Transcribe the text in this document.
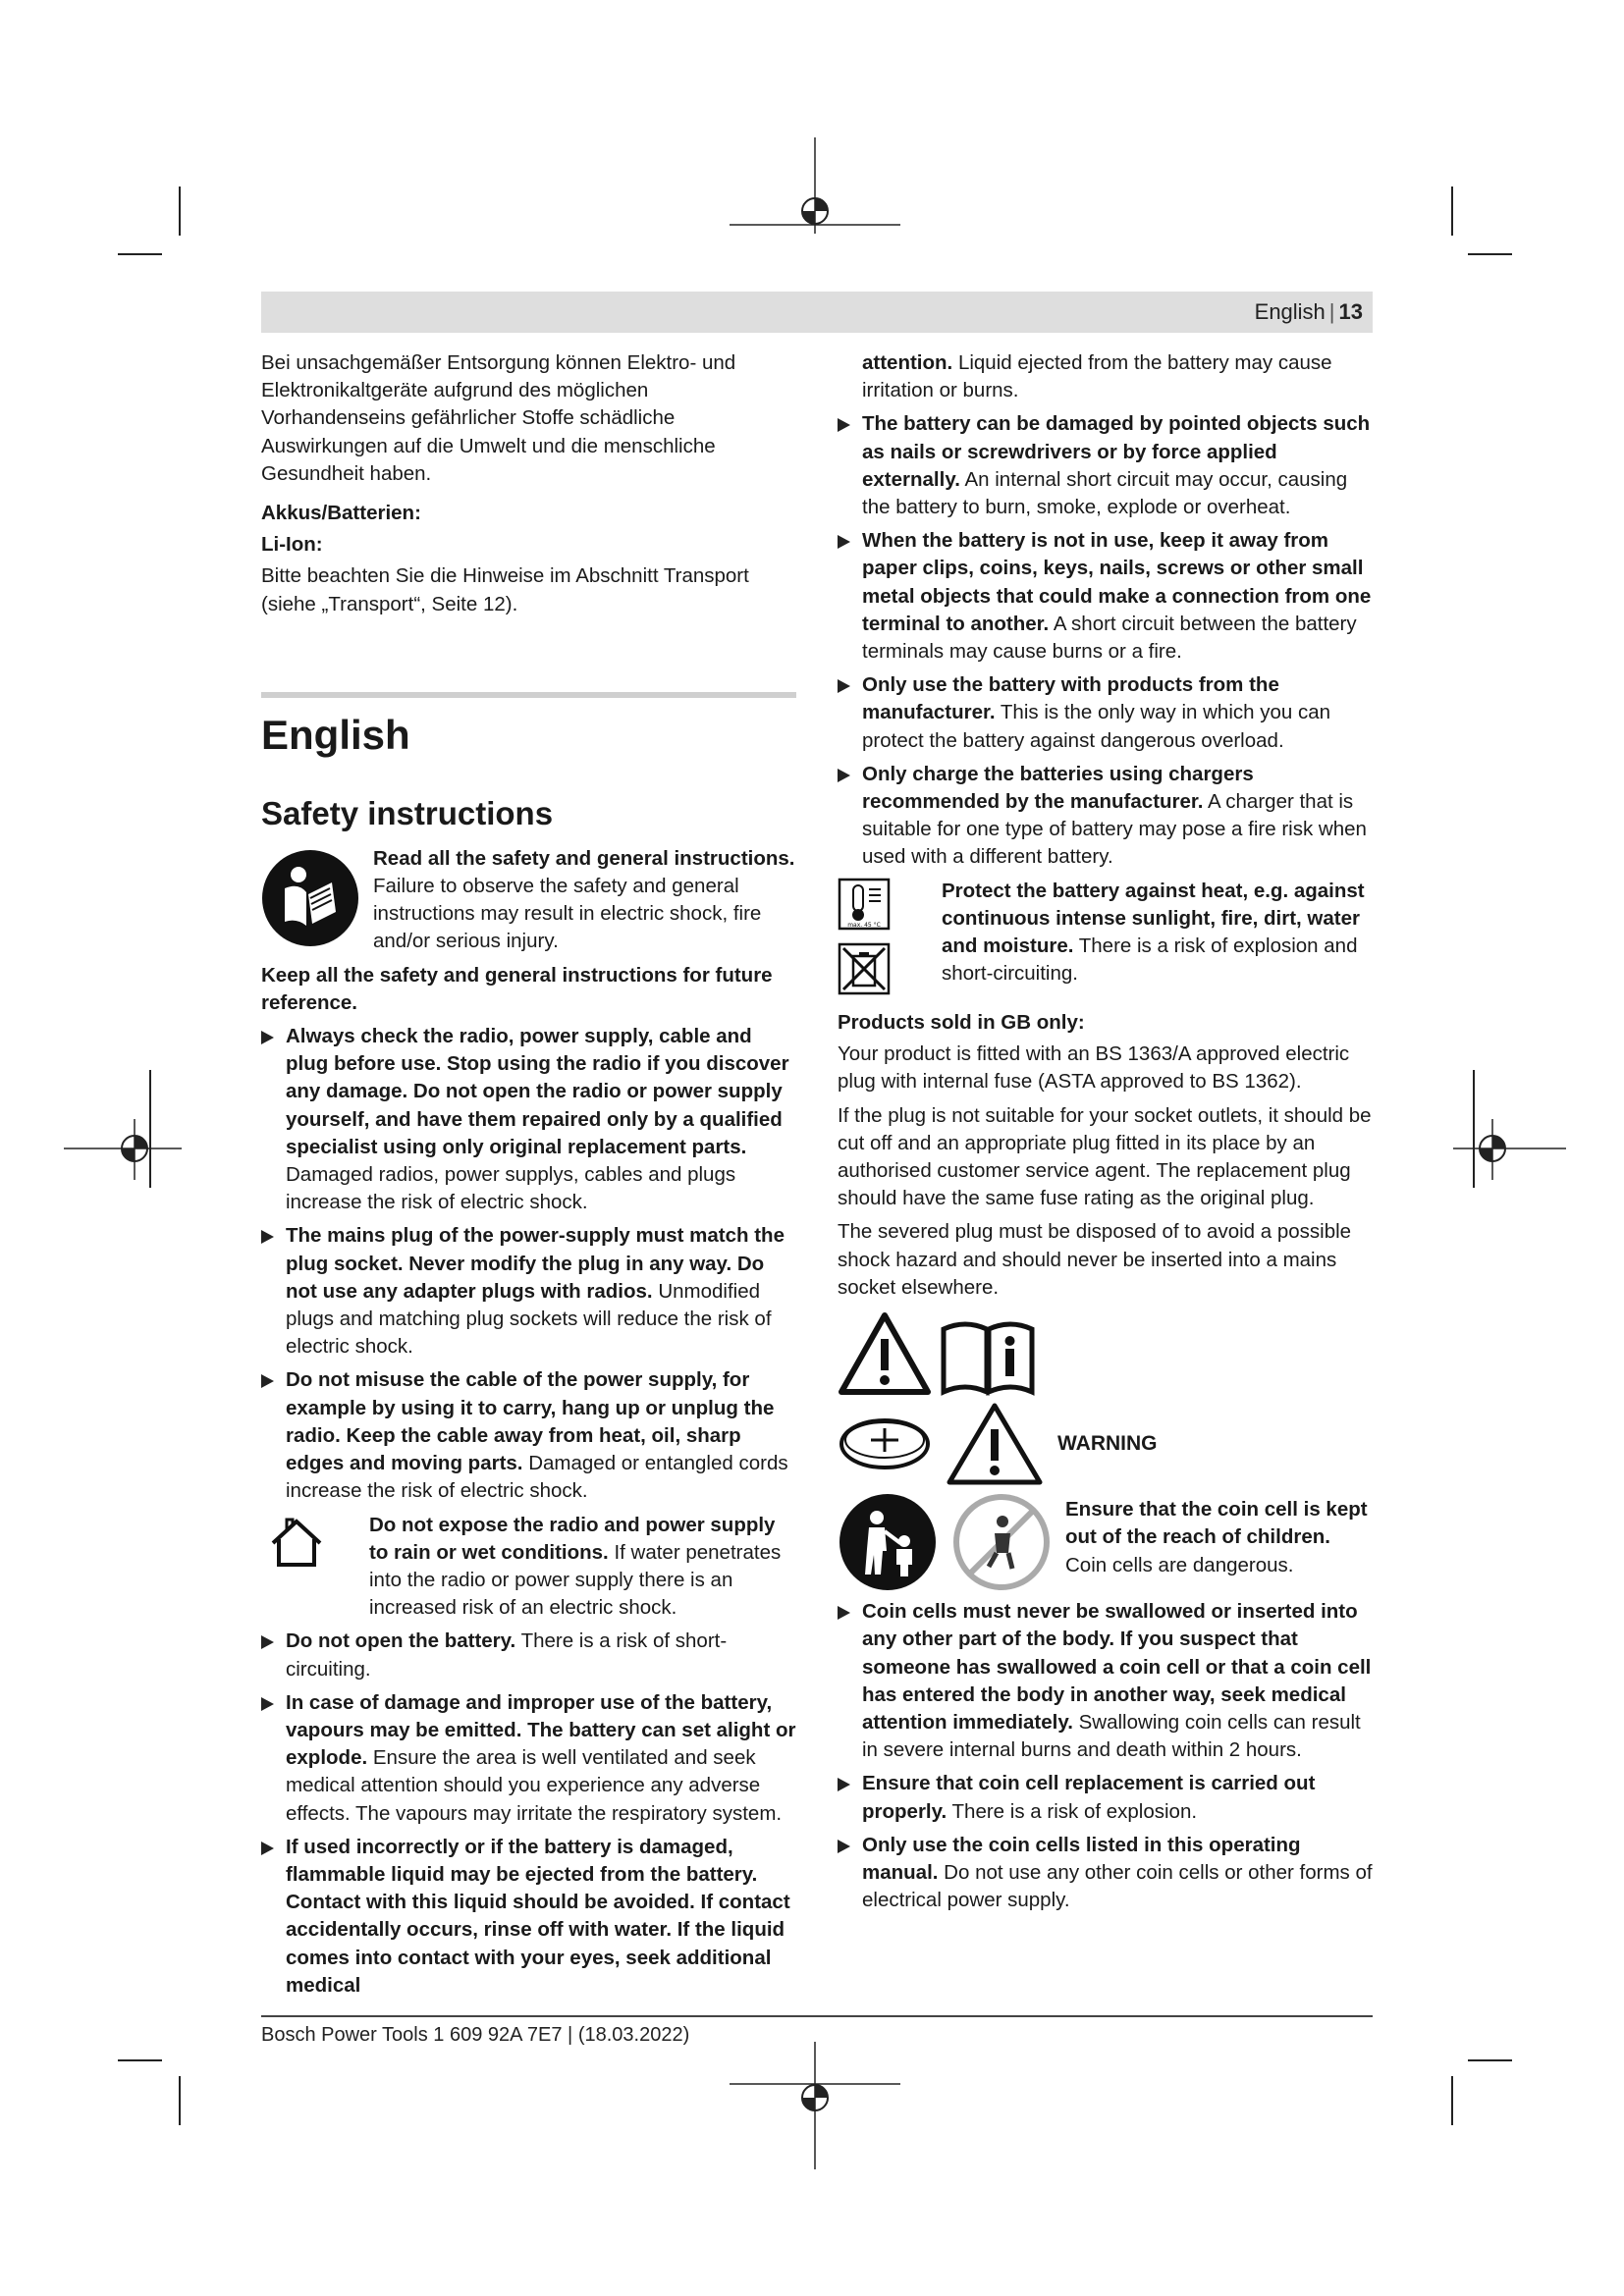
English | 13

Bei unsachgemäßer Entsorgung können Elektro- und Elektronikaltgeräte aufgrund des möglichen Vorhandenseins gefährlicher Stoffe schädliche Auswirkungen auf die Umwelt und die menschliche Gesundheit haben.

Akkus/Batterien:
Li-Ion:

Bitte beachten Sie die Hinweise im Abschnitt Transport (siehe „Transport“, Seite 12).

English
Safety instructions
Read all the safety and general instructions. Failure to observe the safety and general instructions may result in electric shock, fire and/or serious injury.

Keep all the safety and general instructions for future reference.

Always check the radio, power supply, cable and plug before use. Stop using the radio if you discover any damage. Do not open the radio or power supply yourself, and have them repaired only by a qualified specialist using only original replacement parts. Damaged radios, power supplys, cables and plugs increase the risk of electric shock.
The mains plug of the power-supply must match the plug socket. Never modify the plug in any way. Do not use any adapter plugs with radios. Unmodified plugs and matching plug sockets will reduce the risk of electric shock.
Do not misuse the cable of the power supply, for example by using it to carry, hang up or unplug the radio. Keep the cable away from heat, oil, sharp edges and moving parts. Damaged or entangled cords increase the risk of electric shock.
Do not expose the radio and power supply to rain or wet conditions. If water penetrates into the radio or power supply there is an increased risk of an electric shock.
Do not open the battery. There is a risk of short-circuiting.
In case of damage and improper use of the battery, vapours may be emitted. The battery can set alight or explode. Ensure the area is well ventilated and seek medical attention should you experience any adverse effects. The vapours may irritate the respiratory system.
If used incorrectly or if the battery is damaged, flammable liquid may be ejected from the battery. Contact with this liquid should be avoided. If contact accidentally occurs, rinse off with water. If the liquid comes into contact with your eyes, seek additional medical

attention. Liquid ejected from the battery may cause irritation or burns.

The battery can be damaged by pointed objects such as nails or screwdrivers or by force applied externally. An internal short circuit may occur, causing the battery to burn, smoke, explode or overheat.
When the battery is not in use, keep it away from paper clips, coins, keys, nails, screws or other small metal objects that could make a connection from one terminal to another. A short circuit between the battery terminals may cause burns or a fire.
Only use the battery with products from the manufacturer. This is the only way in which you can protect the battery against dangerous overload.
Only charge the batteries using chargers recommended by the manufacturer. A charger that is suitable for one type of battery may pose a fire risk when used with a different battery.
max. 45 °C

Protect the battery against heat, e.g. against continuous intense sunlight, fire, dirt, water and moisture. There is a risk of explosion and short-circuiting.
Products sold in GB only:

Your product is fitted with an BS 1363/A approved electric plug with internal fuse (ASTA approved to BS 1362).

If the plug is not suitable for your socket outlets, it should be cut off and an appropriate plug fitted in its place by an authorised customer service agent. The replacement plug should have the same fuse rating as the original plug.

The severed plug must be disposed of to avoid a possible shock hazard and should never be inserted into a mains socket elsewhere.

WARNING
Ensure that the coin cell is kept out of the reach of children. Coin cells are dangerous.
Coin cells must never be swallowed or inserted into any other part of the body. If you suspect that someone has swallowed a coin cell or that a coin cell has entered the body in another way, seek medical attention immediately. Swallowing coin cells can result in severe internal burns and death within 2 hours.
Ensure that coin cell replacement is carried out properly. There is a risk of explosion.
Only use the coin cells listed in this operating manual. Do not use any other coin cells or other forms of electrical power supply.
Bosch Power Tools 1 609 92A 7E7 | (18.03.2022)
